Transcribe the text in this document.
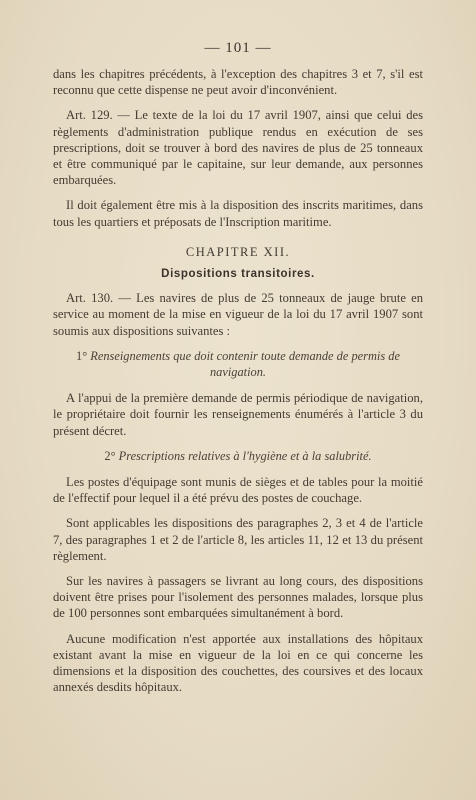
— 101 —

dans les chapitres précédents, à l'exception des chapitres 3 et 7, s'il est reconnu que cette dispense ne peut avoir d'inconvénient.

Art. 129. — Le texte de la loi du 17 avril 1907, ainsi que celui des règlements d'administration publique rendus en exécution de ses prescriptions, doit se trouver à bord des navires de plus de 25 tonneaux et être communiqué par le capitaine, sur leur demande, aux personnes embarquées.

Il doit également être mis à la disposition des inscrits maritimes, dans tous les quartiers et préposats de l'Inscription maritime.

CHAPITRE XII.
Dispositions transitoires.

Art. 130. — Les navires de plus de 25 tonneaux de jauge brute en service au moment de la mise en vigueur de la loi du 17 avril 1907 sont soumis aux dispositions suivantes :

1° Renseignements que doit contenir toute demande de permis de navigation.

A l'appui de la première demande de permis périodique de navigation, le propriétaire doit fournir les renseignements énumérés à l'article 3 du présent décret.

2° Prescriptions relatives à l'hygiène et à la salubrité.

Les postes d'équipage sont munis de sièges et de tables pour la moitié de l'effectif pour lequel il a été prévu des postes de couchage.

Sont applicables les dispositions des paragraphes 2, 3 et 4 de l'article 7, des paragraphes 1 et 2 de l'article 8, les articles 11, 12 et 13 du présent règlement.

Sur les navires à passagers se livrant au long cours, des dispositions doivent être prises pour l'isolement des personnes malades, lorsque plus de 100 personnes sont embarquées simultanément à bord.

Aucune modification n'est apportée aux installations des hôpitaux existant avant la mise en vigueur de la loi en ce qui concerne les dimensions et la disposition des couchettes, des coursives et des locaux annexés desdits hôpitaux.
